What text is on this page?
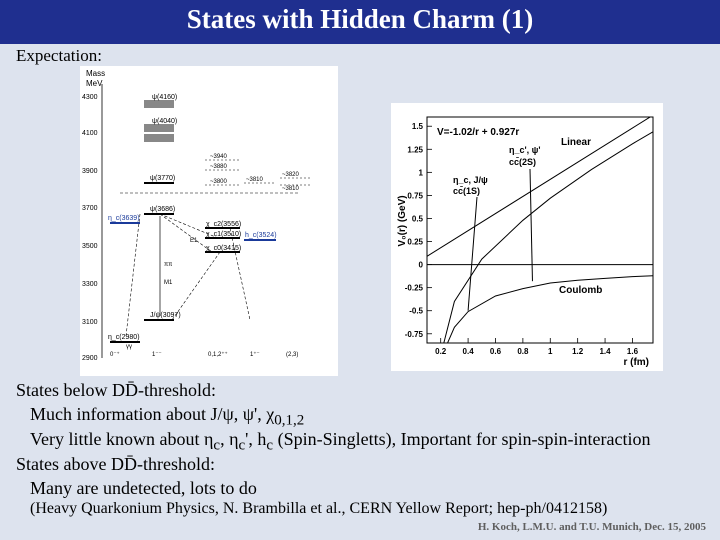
States with Hidden Charm (1)
Expectation:
Mass
MeV
4300
4100
3900
3700
3500
3300
3100
2900
ψ(4160)
ψ(4040)
ψ(3770)
ψ(3686)
η_c(3639)
χ_c2(3556)
χ_c1(3510)
χ_c0(3415)
h_c(3524)
J/ψ(3097)
η_c(2980)
~3940
~3880
~3800
~3820
~3810
~3810
M1
E1
γγ
ππ
0⁻⁺	1⁻⁻	0,1,2⁺⁺	1⁺⁻	(2,3)
V=-1.02/r + 0.927r
V₀(r) (GeV)
r (fm)
Linear
Coulomb
η_c, J/ψ
cc̄(1S)
η_c', ψ'
cc̄(2S)
1.5
1.25
1
0.75
0.5
0.25
0
-0.25
-0.5
-0.75
0.2 0.4 0.6 0.8 1 1.2 1.4 1.6
States below DD̄-threshold:
Much information about J/ψ, ψ', $\chi_{0,1,2}$
Very little known about $\eta_c$, $\eta_c'$, $h_c$ (Spin-Singletts), Important for spin-spin-interaction
States above DD̄-threshold:
Many are undetected, lots to do
(Heavy Quarkonium Physics, N. Brambilla et al., CERN Yellow Report; hep-ph/0412158)
H. Koch, L.M.U. and T.U. Munich, Dec. 15, 2005
